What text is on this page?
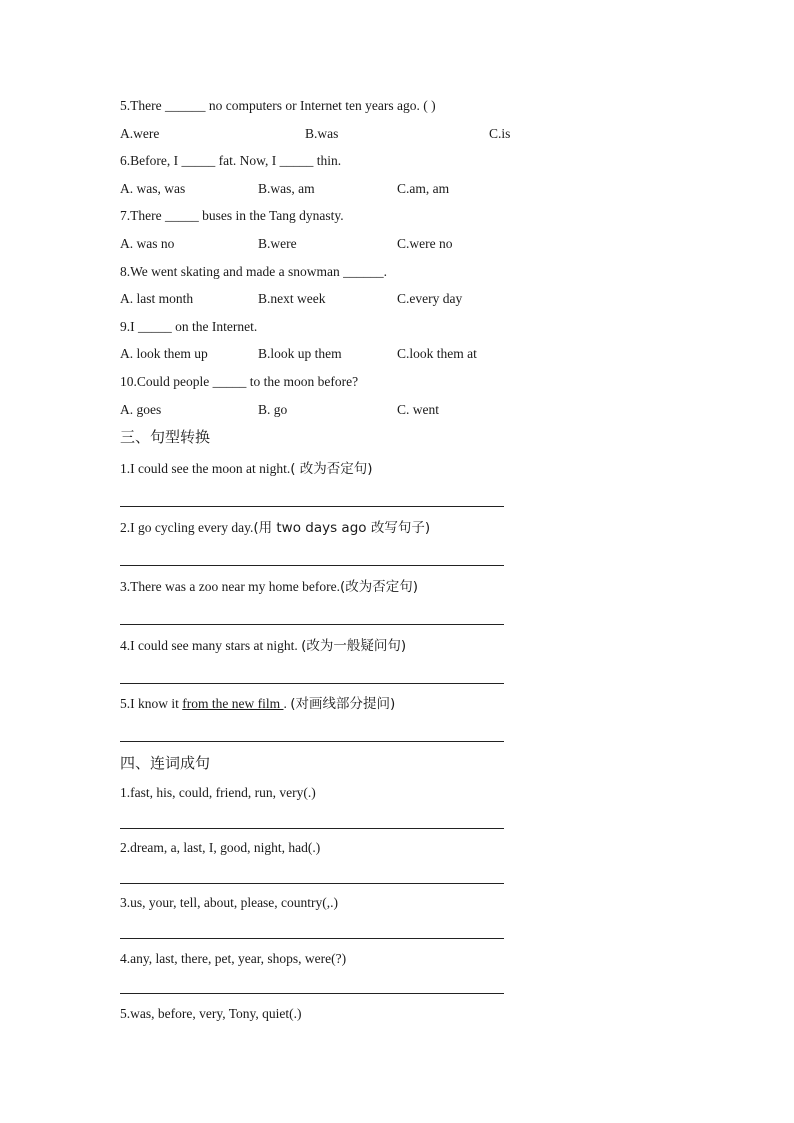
5.There ______ no computers or Internet ten years ago. ( )
A.were	B.was	C.is
6.Before, I _____ fat. Now, I _____ thin.
A. was, was	B.was, am	C.am, am
7.There _____ buses in the Tang dynasty.
A. was no	B.were	C.were no
8.We went skating and made a snowman ______.
A. last month	B.next week	C.every day
9.I _____ on the Internet.
A. look them up	B.look up them	C.look them at
10.Could people _____ to the moon before?
A. goes	B. go	C. went
三、句型转换
1.I could see the moon at night.( 改为否定句)
2.I go cycling every day.(用 two days ago 改写句子)
3.There was a zoo near my home before.(改为否定句)
4.I could see many stars at night. (改为一般疑问句)
5.I know it from the new film . (对画线部分提问)
四、连词成句
1.fast, his, could, friend, run, very(.)
2.dream, a, last, I, good, night, had(.)
3.us, your, tell, about, please, country(,.)
4.any, last, there, pet, year, shops, were(?)
5.was, before, very, Tony, quiet(.)
